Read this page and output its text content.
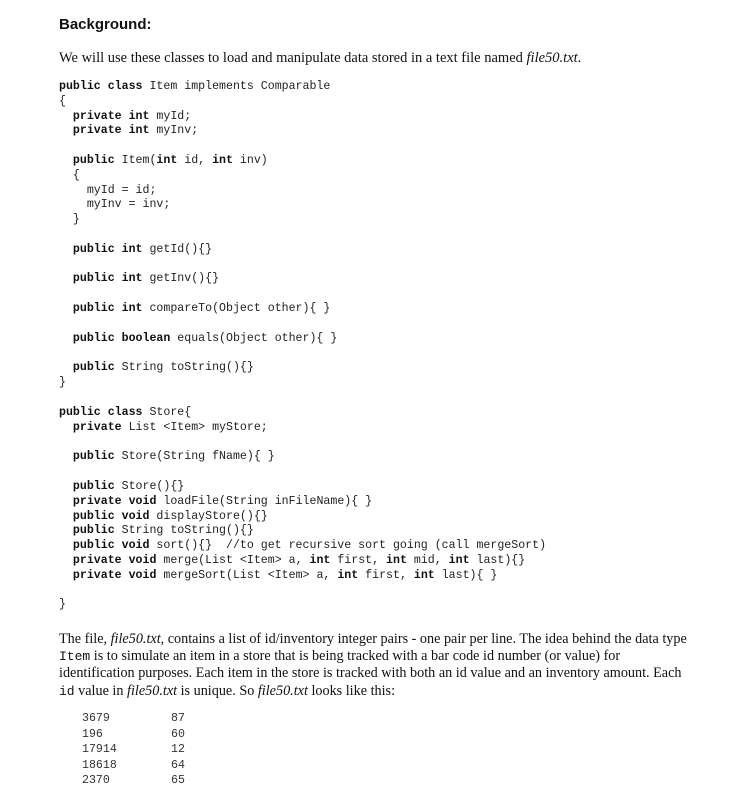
Background:
We will use these classes to load and manipulate data stored in a text file named file50.txt.
public class Item implements Comparable
{
private int myId;
private int myInv;
public Item(int id, int inv)
{
myId = id;
myInv = inv;
}
public int getId(){}
public int getInv(){}
public int compareTo(Object other){ }
public boolean equals(Object other){ }
public String toString(){}
}
public class Store{
private List <Item> myStore;
public Store(String fName){ }
public Store(){}
private void loadFile(String inFileName){ }
public void displayStore(){}
public String toString(){}
public void sort(){}  //to get recursive sort going (call mergeSort)
private void merge(List <Item> a, int first, int mid, int last){}
private void mergeSort(List <Item> a, int first, int last){ }
}
The file, file50.txt, contains a list of id/inventory integer pairs - one pair per line. The idea behind the data type Item is to simulate an item in a store that is being tracked with a bar code id number (or value) for identification purposes. Each item in the store is tracked with both an id value and an inventory amount. Each id value in file50.txt is unique. So file50.txt looks like this:
3679	87
196	60
17914	12
18618	64
2370	65
